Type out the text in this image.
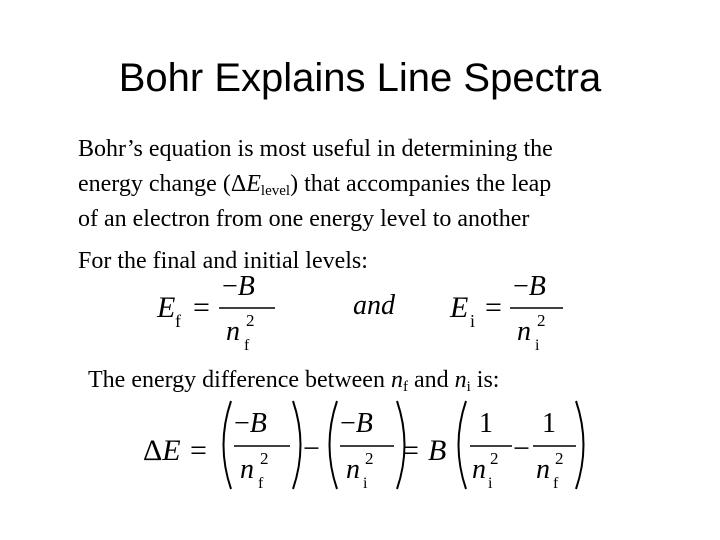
Bohr Explains Line Spectra
Bohr’s equation is most useful in determining the
energy change $(\Delta E_{level})$ that accompanies the leap
of an electron from one energy level to another
For the final and initial levels:
The energy difference between $n_f$ and $n_i$ is:
E f =
−B
n 2
f
and E i =
−B
n 2
i
ΔE =
−B
n 2
f
−
−B
n 2
i
= B
1
n 2
i
−
1
n 2
f
